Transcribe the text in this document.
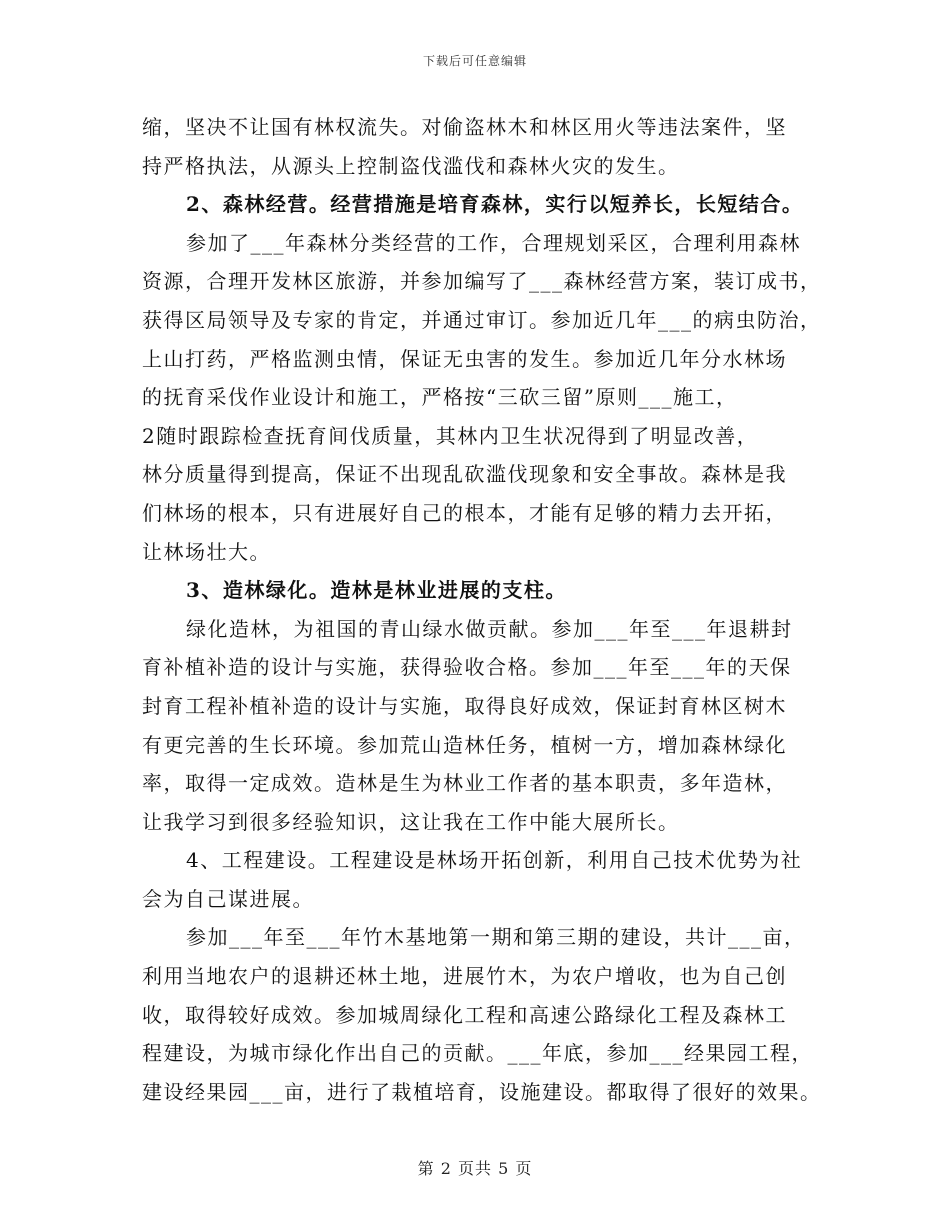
下载后可任意编辑
缩，坚决不让国有林权流失。对偷盗林木和林区用火等违法案件，坚
持严格执法，从源头上控制盗伐滥伐和森林火灾的发生。
2、森林经营。经营措施是培育森林，实行以短养长，长短结合。
参加了___年森林分类经营的工作，合理规划采区，合理利用森林
资源，合理开发林区旅游，并参加编写了___森林经营方案，装订成书，
获得区局领导及专家的肯定，并通过审订。参加近几年___的病虫防治，
上山打药，严格监测虫情，保证无虫害的发生。参加近几年分水林场
的抚育采伐作业设计和施工，严格按“三砍三留”原则___施工，
2随时跟踪检查抚育间伐质量，其林内卫生状况得到了明显改善，
林分质量得到提高，保证不出现乱砍滥伐现象和安全事故。森林是我
们林场的根本，只有进展好自己的根本，才能有足够的精力去开拓，
让林场壮大。
3、造林绿化。造林是林业进展的支柱。
绿化造林，为祖国的青山绿水做贡献。参加___年至___年退耕封
育补植补造的设计与实施，获得验收合格。参加___年至___年的天保
封育工程补植补造的设计与实施，取得良好成效，保证封育林区树木
有更完善的生长环境。参加荒山造林任务，植树一方，增加森林绿化
率，取得一定成效。造林是生为林业工作者的基本职责，多年造林，
让我学习到很多经验知识，这让我在工作中能大展所长。
4、工程建设。工程建设是林场开拓创新，利用自己技术优势为社
会为自己谋进展。
参加___年至___年竹木基地第一期和第三期的建设，共计___亩，
利用当地农户的退耕还林土地，进展竹木，为农户增收，也为自己创
收，取得较好成效。参加城周绿化工程和高速公路绿化工程及森林工
程建设，为城市绿化作出自己的贡献。___年底，参加___经果园工程，
建设经果园___亩，进行了栽植培育，设施建设。都取得了很好的效果。
第 2 页共 5 页
